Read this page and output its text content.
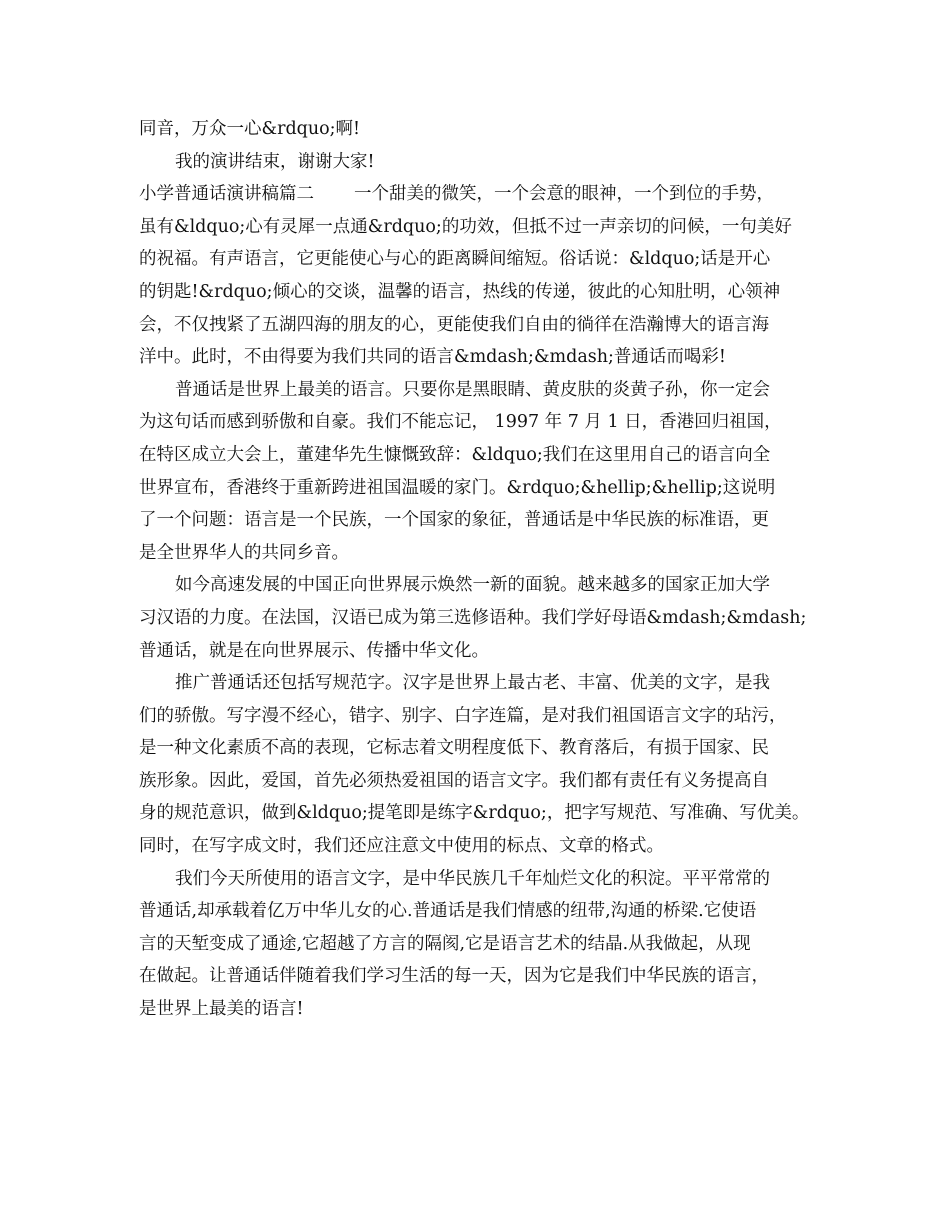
同音，万众一心&rdquo;啊!
我的演讲结束，谢谢大家!
小学普通话演讲稿篇二 一个甜美的微笑，一个会意的眼神，一个到位的手势，
虽有&ldquo;心有灵犀一点通&rdquo;的功效，但抵不过一声亲切的问候，一句美好
的祝福。有声语言，它更能使心与心的距离瞬间缩短。俗话说：&ldquo;话是开心
的钥匙!&rdquo;倾心的交谈，温馨的语言，热线的传递，彼此的心知肚明，心领神
会，不仅拽紧了五湖四海的朋友的心，更能使我们自由的徜徉在浩瀚博大的语言海
洋中。此时，不由得要为我们共同的语言&mdash;&mdash;普通话而喝彩!
普通话是世界上最美的语言。只要你是黑眼睛、黄皮肤的炎黄子孙，你一定会
为这句话而感到骄傲和自豪。我们不能忘记， 1997 年 7 月 1 日，香港回归祖国，
在特区成立大会上，董建华先生慷慨致辞：&ldquo;我们在这里用自己的语言向全
世界宣布，香港终于重新跨进祖国温暖的家门。&rdquo;&hellip;&hellip;这说明
了一个问题：语言是一个民族，一个国家的象征，普通话是中华民族的标准语，更
是全世界华人的共同乡音。
如今高速发展的中国正向世界展示焕然一新的面貌。越来越多的国家正加大学
习汉语的力度。在法国，汉语已成为第三选修语种。我们学好母语&mdash;&mdash;
普通话，就是在向世界展示、传播中华文化。
推广普通话还包括写规范字。汉字是世界上最古老、丰富、优美的文字，是我
们的骄傲。写字漫不经心，错字、别字、白字连篇，是对我们祖国语言文字的玷污，
是一种文化素质不高的表现，它标志着文明程度低下、教育落后，有损于国家、民
族形象。因此，爱国，首先必须热爱祖国的语言文字。我们都有责任有义务提高自
身的规范意识，做到&ldquo;提笔即是练字&rdquo;，把字写规范、写准确、写优美。
同时，在写字成文时，我们还应注意文中使用的标点、文章的格式。
我们今天所使用的语言文字，是中华民族几千年灿烂文化的积淀。平平常常的
普通话,却承载着亿万中华儿女的心.普通话是我们情感的纽带,沟通的桥梁.它使语
言的天堑变成了通途,它超越了方言的隔阂,它是语言艺术的结晶.从我做起，从现
在做起。让普通话伴随着我们学习生活的每一天，因为它是我们中华民族的语言，
是世界上最美的语言!
